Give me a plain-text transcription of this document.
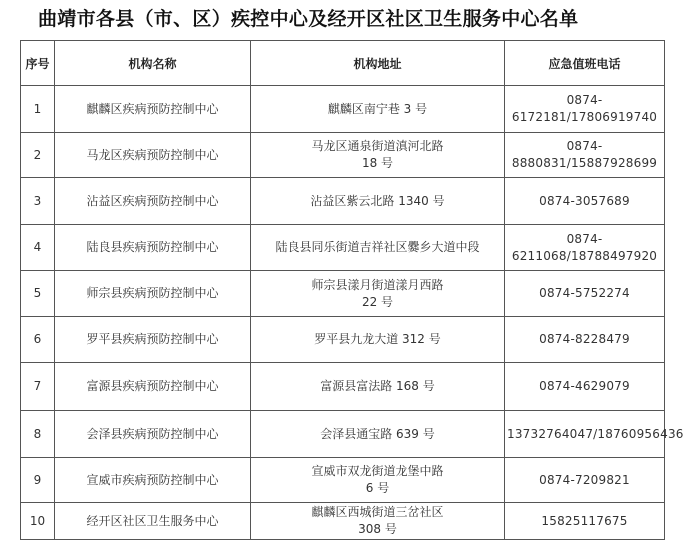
曲靖市各县（市、区）疾控中心及经开区社区卫生服务中心名单
序号	机构名称	机构地址	应急值班电话
1	麒麟区疾病预防控制中心	麒麟区南宁巷 3 号	0874-6172181/17806919740
2	马龙区疾病预防控制中心	马龙区通泉街道滇河北路
18 号	0874-8880831/15887928699
3	沾益区疾病预防控制中心	沾益区紫云北路 1340 号	0874-3057689
4	陆良县疾病预防控制中心	陆良县同乐街道吉祥社区爨乡大道中段	0874-6211068/18788497920
5	师宗县疾病预防控制中心	师宗县漾月街道漾月西路
22 号	0874-5752274
6	罗平县疾病预防控制中心	罗平县九龙大道 312 号	0874-8228479
7	富源县疾病预防控制中心	富源县富法路 168 号	0874-4629079
8	会泽县疾病预防控制中心	会泽县通宝路 639 号	13732764047/18760956436
9	宣威市疾病预防控制中心	宣威市双龙街道龙堡中路
6 号	0874-7209821
10	经开区社区卫生服务中心	麒麟区西城街道三岔社区
308 号	15825117675
